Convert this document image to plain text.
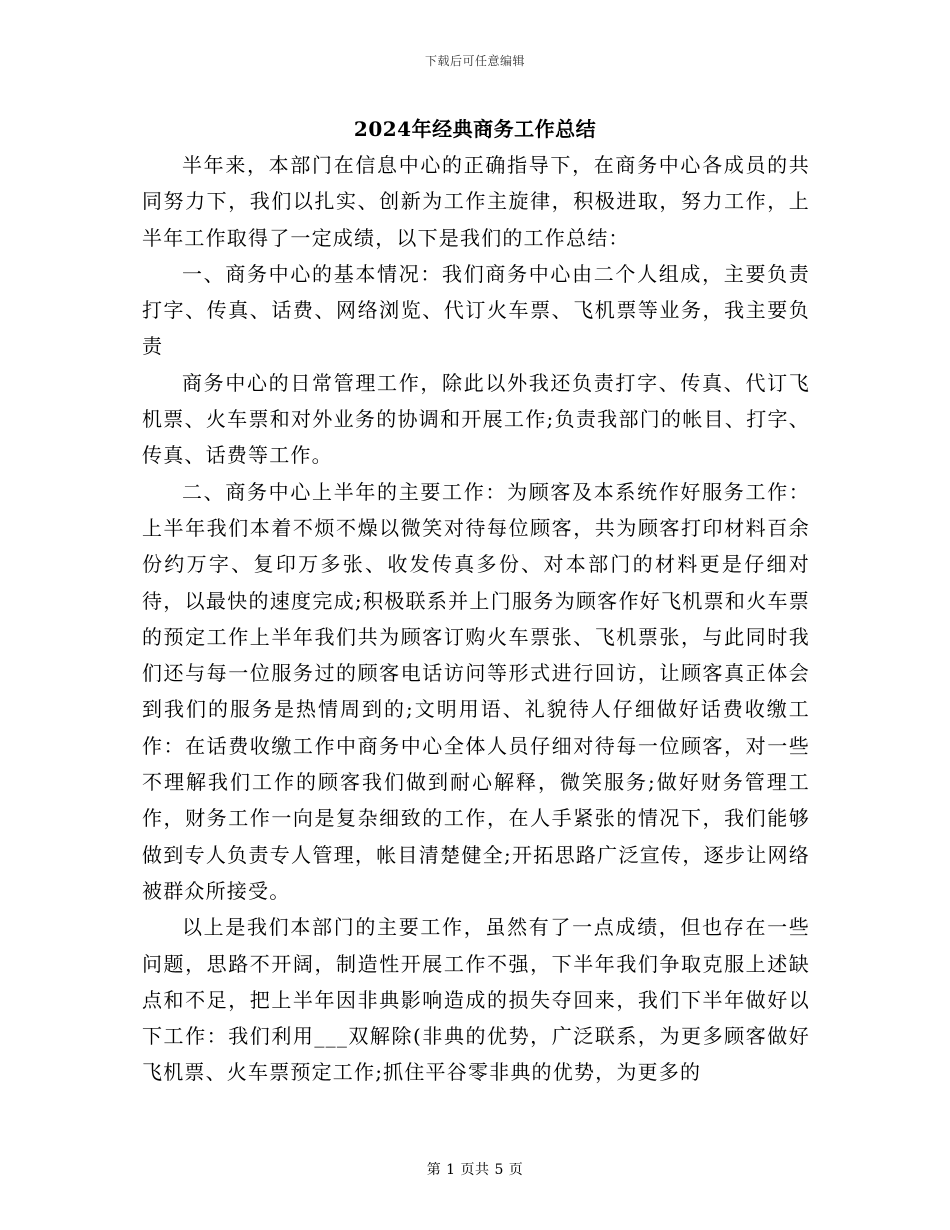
下载后可任意编辑
2024年经典商务工作总结

半年来，本部门在信息中心的正确指导下，在商务中心各成员的共同努力下，我们以扎实、创新为工作主旋律，积极进取，努力工作，上半年工作取得了一定成绩，以下是我们的工作总结：

一、商务中心的基本情况：我们商务中心由二个人组成，主要负责打字、传真、话费、网络浏览、代订火车票、飞机票等业务，我主要负责

商务中心的日常管理工作，除此以外我还负责打字、传真、代订飞机票、火车票和对外业务的协调和开展工作;负责我部门的帐目、打字、传真、话费等工作。

二、商务中心上半年的主要工作：为顾客及本系统作好服务工作：上半年我们本着不烦不燥以微笑对待每位顾客，共为顾客打印材料百余份约万字、复印万多张、收发传真多份、对本部门的材料更是仔细对待，以最快的速度完成;积极联系并上门服务为顾客作好飞机票和火车票的预定工作上半年我们共为顾客订购火车票张、飞机票张，与此同时我们还与每一位服务过的顾客电话访问等形式进行回访，让顾客真正体会到我们的服务是热情周到的;文明用语、礼貌待人仔细做好话费收缴工作：在话费收缴工作中商务中心全体人员仔细对待每一位顾客，对一些不理解我们工作的顾客我们做到耐心解释，微笑服务;做好财务管理工作，财务工作一向是复杂细致的工作，在人手紧张的情况下，我们能够做到专人负责专人管理，帐目清楚健全;开拓思路广泛宣传，逐步让网络被群众所接受。

以上是我们本部门的主要工作，虽然有了一点成绩，但也存在一些问题，思路不开阔，制造性开展工作不强，下半年我们争取克服上述缺点和不足，把上半年因非典影响造成的损失夺回来，我们下半年做好以下工作：我们利用___双解除(非典的优势，广泛联系，为更多顾客做好飞机票、火车票预定工作;抓住平谷零非典的优势，为更多的

第 1 页共 5 页
